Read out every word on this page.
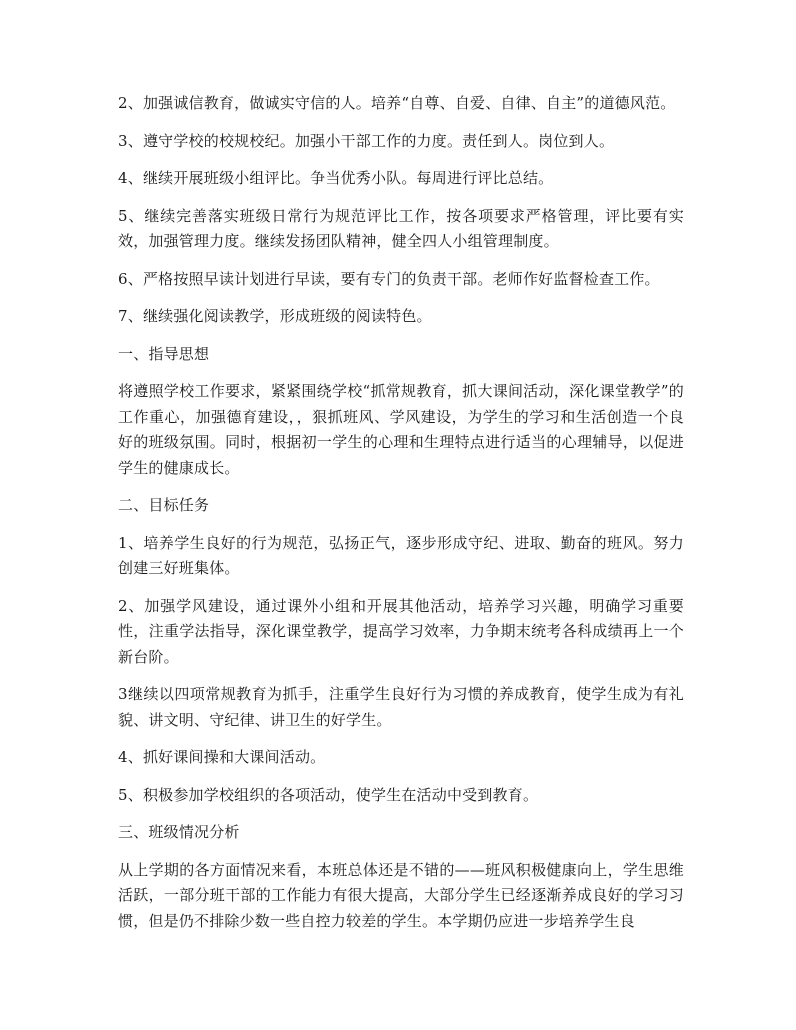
2、加强诚信教育，做诚实守信的人。培养“自尊、自爱、自律、自主”的道德风范。

3、遵守学校的校规校纪。加强小干部工作的力度。责任到人。岗位到人。

4、继续开展班级小组评比。争当优秀小队。每周进行评比总结。

5、继续完善落实班级日常行为规范评比工作，按各项要求严格管理，评比要有实效，加强管理力度。继续发扬团队精神，健全四人小组管理制度。

6、严格按照早读计划进行早读，要有专门的负责干部。老师作好监督检查工作。

7、继续强化阅读教学，形成班级的阅读特色。

一、指导思想

将遵照学校工作要求，紧紧围绕学校“抓常规教育，抓大课间活动，深化课堂教学”的工作重心，加强德育建设，，狠抓班风、学风建设，为学生的学习和生活创造一个良好的班级氛围。同时，根据初一学生的心理和生理特点进行适当的心理辅导，以促进学生的健康成长。

二、目标任务

1、培养学生良好的行为规范，弘扬正气，逐步形成守纪、进取、勤奋的班风。努力创建三好班集体。

2、加强学风建设，通过课外小组和开展其他活动，培养学习兴趣，明确学习重要性，注重学法指导，深化课堂教学，提高学习效率，力争期末统考各科成绩再上一个新台阶。

3继续以四项常规教育为抓手，注重学生良好行为习惯的养成教育，使学生成为有礼貌、讲文明、守纪律、讲卫生的好学生。

4、抓好课间操和大课间活动。

5、积极参加学校组织的各项活动，使学生在活动中受到教育。

三、班级情况分析

从上学期的各方面情况来看，本班总体还是不错的——班风积极健康向上，学生思维活跃，一部分班干部的工作能力有很大提高，大部分学生已经逐渐养成良好的学习习惯，但是仍不排除少数一些自控力较差的学生。本学期仍应进一步培养学生良
